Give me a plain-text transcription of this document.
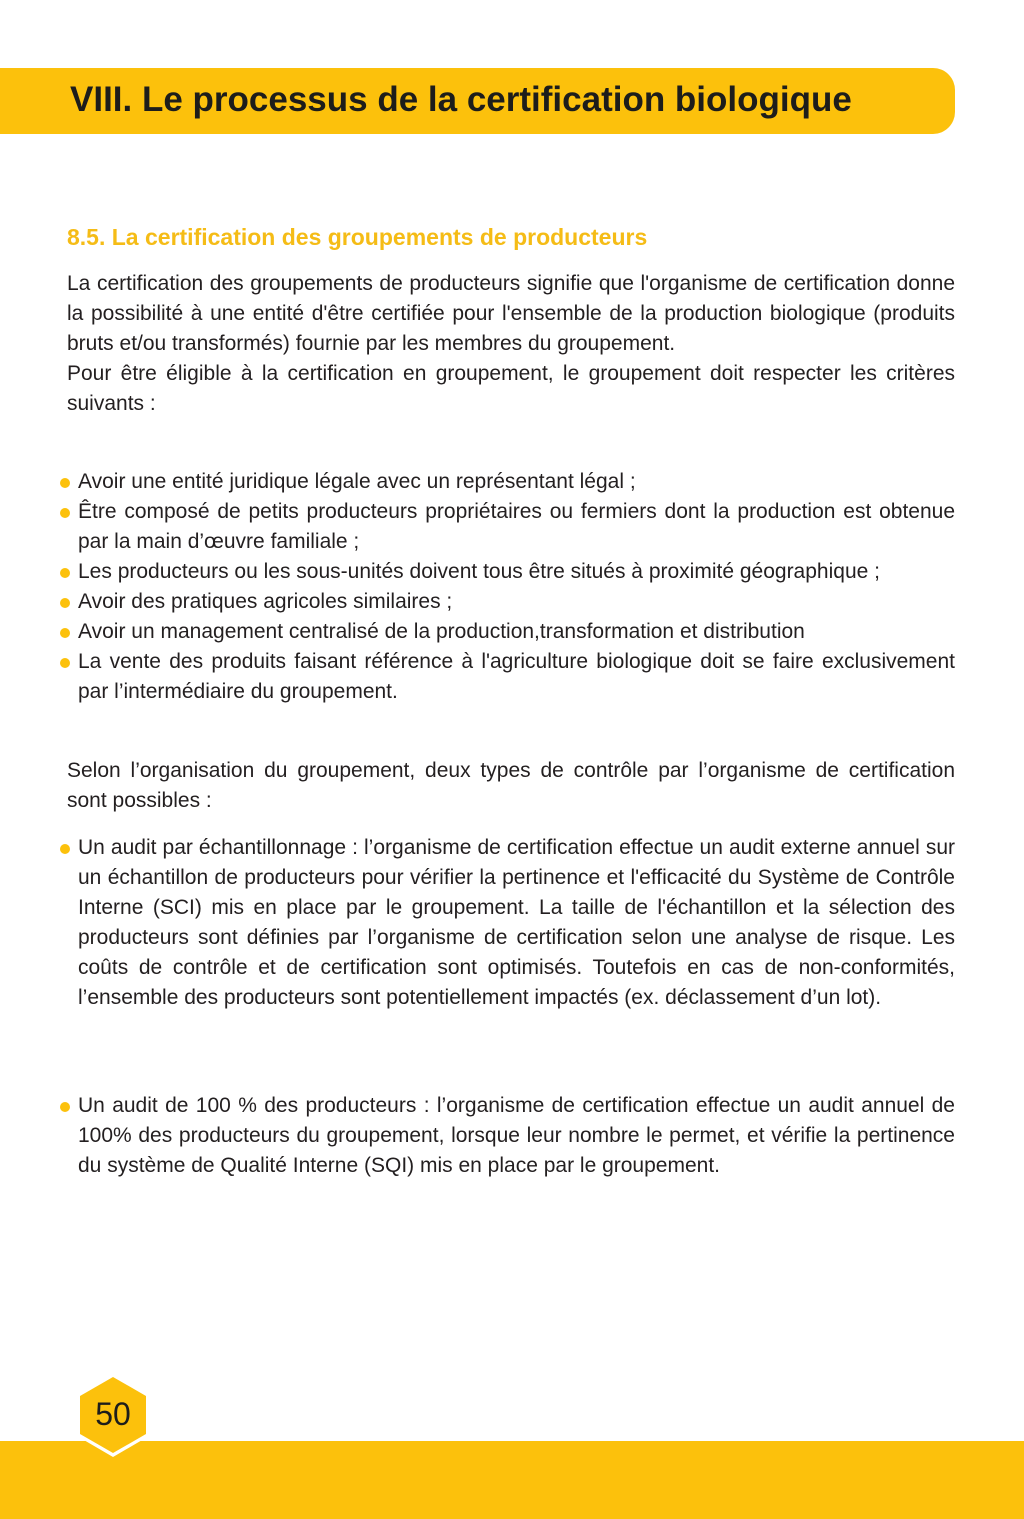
VIII. Le processus de la certification biologique
8.5. La certification des groupements de producteurs

La certification des groupements de producteurs signifie que l'organisme de certification donne la possibilité à une entité d'être certifiée pour l'ensemble de la production biologique (produits bruts et/ou transformés) fournie par les membres du groupement.

Pour être éligible à la certification en groupement, le groupement doit respecter les critères suivants :

Avoir une entité juridique légale avec un représentant légal ;
Être composé de petits producteurs propriétaires ou fermiers dont la production est obtenue par la main d’œuvre familiale ;
Les producteurs ou les sous-unités doivent tous être situés à proximité géographique ;
Avoir des pratiques agricoles similaires ;
Avoir un management centralisé de la production,transformation et distribution
La vente des produits faisant référence à l'agriculture biologique doit se faire exclusivement par l’intermédiaire du groupement.

Selon l’organisation du groupement, deux types de contrôle par l’organisme de certification sont possibles :

Un audit par échantillonnage : l’organisme de certification effectue un audit externe annuel sur un échantillon de producteurs pour vérifier la pertinence et l'efficacité du Système de Contrôle Interne (SCI) mis en place par le groupement. La taille de l'échantillon et la sélection des producteurs sont définies par l’organisme de certification selon une analyse de risque. Les coûts de contrôle et de certification sont optimisés. Toutefois en cas de non-conformités, l’ensemble des producteurs sont potentiellement impactés (ex. déclassement d’un lot).
Un audit de 100 % des producteurs : l’organisme de certification effectue un audit annuel de 100% des producteurs du groupement, lorsque leur nombre le permet, et vérifie la pertinence du système de Qualité Interne (SQI) mis en place par le groupement.

50
